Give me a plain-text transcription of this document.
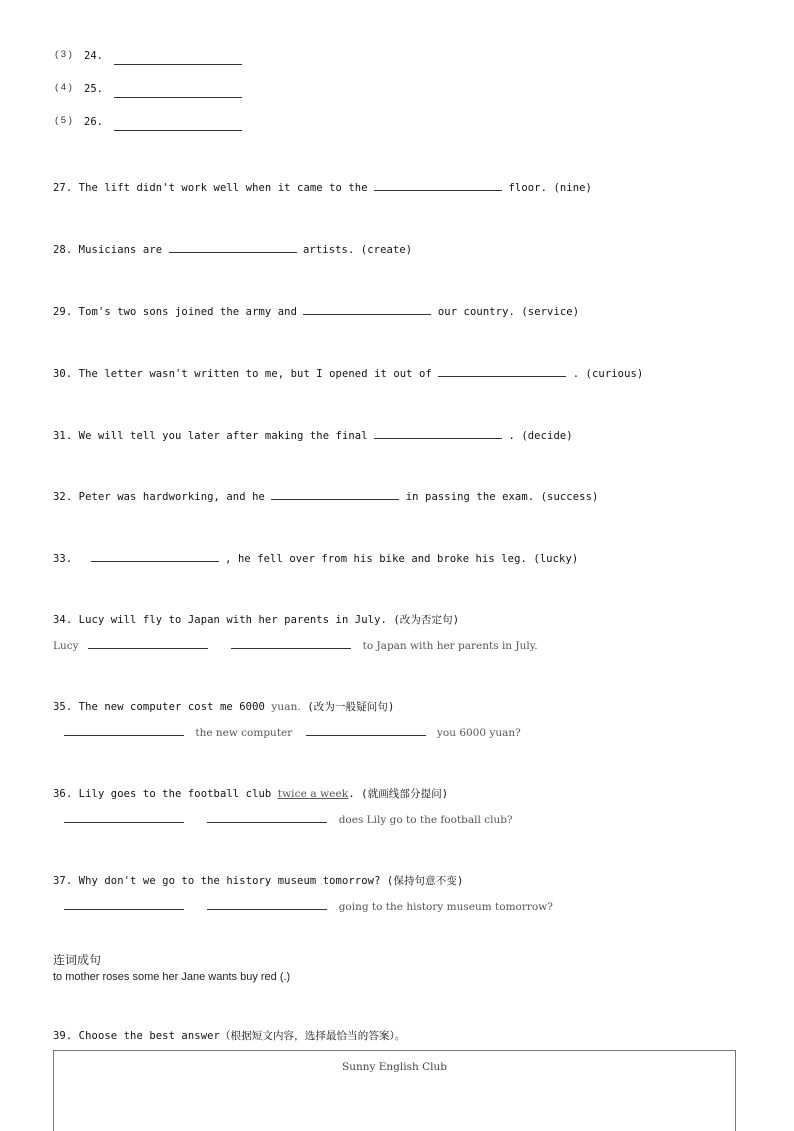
( 3 ) 24.
( 4 ) 25.
( 5 ) 26.
27. The lift didn't work well when it came to the	floor. (nine)
28. Musicians are	artists. (create)
29. Tom's two sons joined the army and	our country. (service)
30. The letter wasn't written to me, but I opened it out of	. (curious)
31. We will tell you later after making the final	. (decide)
32. Peter was hardworking, and he	in passing the exam. (success)
33.	, he fell over from his bike and broke his leg. (lucky)
34. Lucy will fly to Japan with her parents in July. (改为否定句)
Lucy	to Japan with her parents in July.
35. The new computer cost me 6000 yuan. (改为一般疑问句)
the new computer	you 6000 yuan?
36. Lily goes to the football club twice a week. (就画线部分提问)
does Lily go to the football club?
37. Why don't we go to the history museum tomorrow? (保持句意不变)
going to the history museum tomorrow?
连词成句
to mother roses some her Jane wants buy red (.)
39. Choose the best answer（根据短文内容，选择最恰当的答案）。
Sunny English Club
